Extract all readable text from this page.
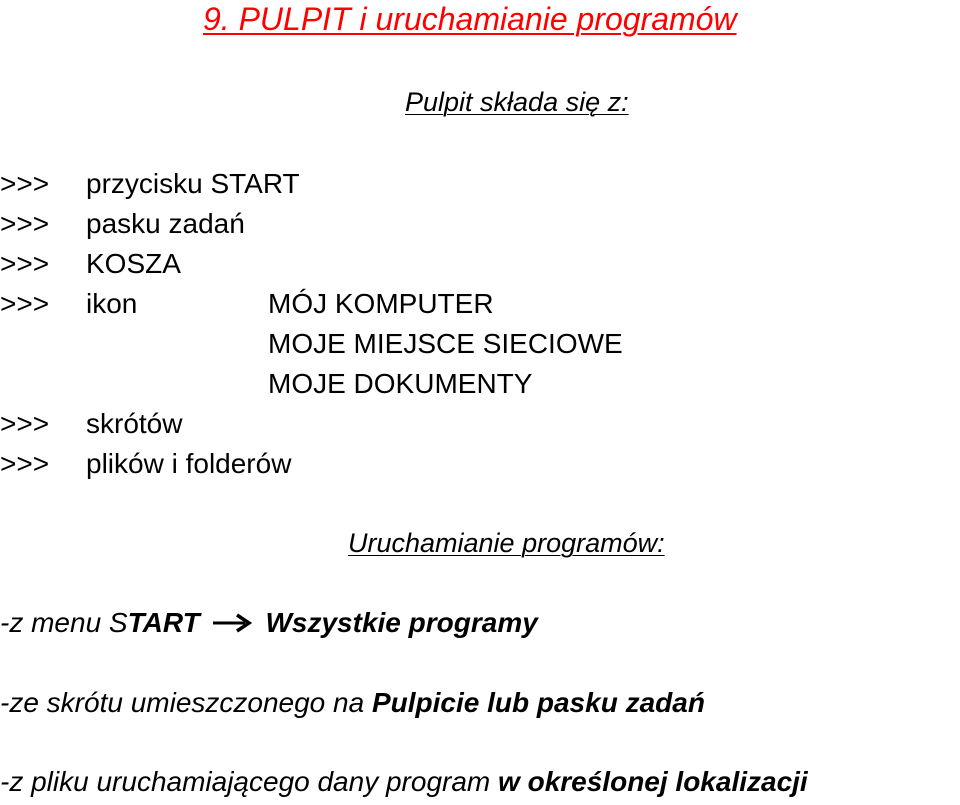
9. PULPIT i uruchamianie programów
Pulpit składa się z:
>>> przycisku START
>>> pasku zadań
>>> KOSZA
>>> ikon	MÓJ KOMPUTER
MOJE MIEJSCE SIECIOWE
MOJE DOKUMENTY
>>> skrótów
>>> plików i folderów
Uruchamianie programów:
-z menu START Wszystkie programy
-ze skrótu umieszczonego na Pulpicie lub pasku zadań
-z pliku uruchamiającego dany program w określonej lokalizacji
